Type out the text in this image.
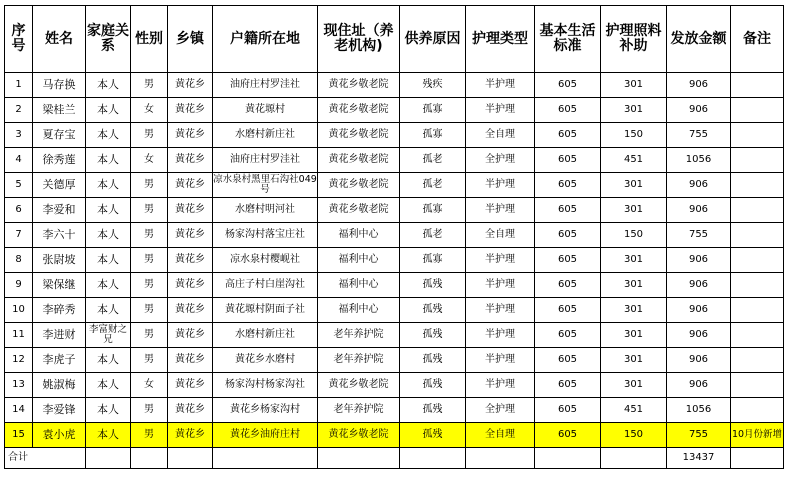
序号	姓名	家庭关系	性别	乡镇	户籍所在地	现住址（养老机构)	供养原因	护理类型	基本生活标准	护理照料补助	发放金额	备注
1	马存换	本人	男	黄花乡	油府庄村罗洼社	黄花乡敬老院	残疾	半护理	605	301	906	
2	梁桂兰	本人	女	黄花乡	黄花塬村	黄花乡敬老院	孤寡	半护理	605	301	906	
3	夏存宝	本人	男	黄花乡	水磨村新庄社	黄花乡敬老院	孤寡	全自理	605	150	755	
4	徐秀莲	本人	女	黄花乡	油府庄村罗洼社	黄花乡敬老院	孤老	全护理	605	451	1056	
5	关德厚	本人	男	黄花乡	凉水泉村黑里石沟社049 号	黄花乡敬老院	孤老	半护理	605	301	906	
6	李爱和	本人	男	黄花乡	水磨村明河社	黄花乡敬老院	孤寡	半护理	605	301	906	
7	李六十	本人	男	黄花乡	杨家沟村落宝庄社	福利中心	孤老	全自理	605	150	755	
8	张尉坡	本人	男	黄花乡	凉水泉村樱岘社	福利中心	孤寡	半护理	605	301	906	
9	梁保继	本人	男	黄花乡	高庄子村白崖沟社	福利中心	孤残	半护理	605	301	906	
10	李碎秀	本人	男	黄花乡	黄花塬村阴面子社	福利中心	孤残	半护理	605	301	906	
11	李进财	李富财之兄	男	黄花乡	水磨村新庄社	老年养护院	孤残	半护理	605	301	906	
12	李虎子	本人	男	黄花乡	黄花乡水磨村	老年养护院	孤残	半护理	605	301	906	
13	姚淑梅	本人	女	黄花乡	杨家沟村杨家沟社	黄花乡敬老院	孤残	半护理	605	301	906	
14	李爱锋	本人	男	黄花乡	黄花乡杨家沟村	老年养护院	孤残	全护理	605	451	1056	
15	袁小虎	本人	男	黄花乡	黄花乡油府庄村	黄花乡敬老院	孤残	全自理	605	150	755	10月份新增
合计											13437	
